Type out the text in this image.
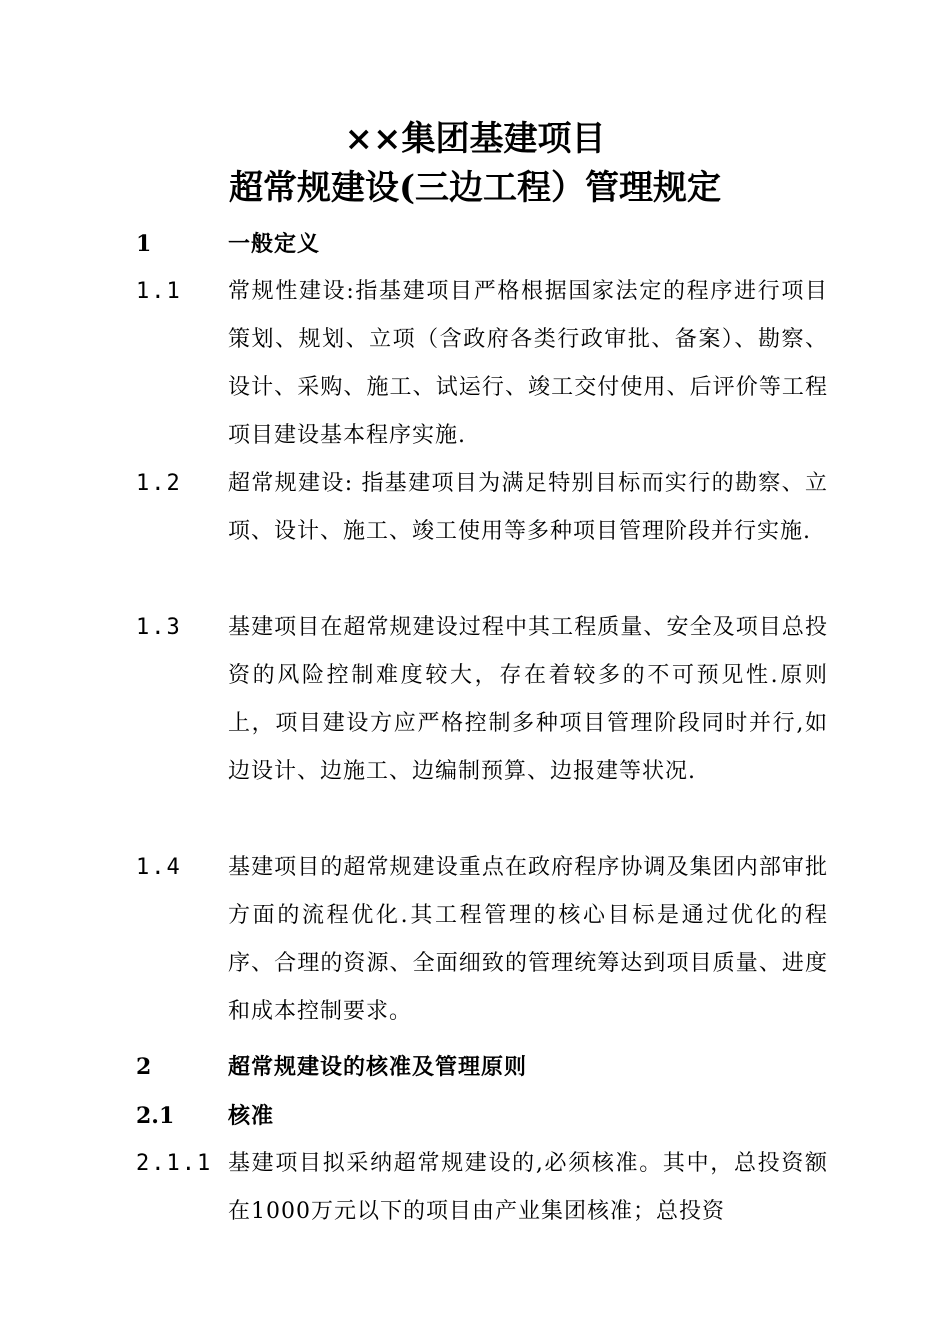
××集团基建项目
超常规建设(三边工程）管理规定
1	一般定义
1.1 常规性建设:指基建项目严格根据国家法定的程序进行项目策划、规划、立项（含政府各类行政审批、备案）、勘察、设计、采购、施工、试运行、竣工交付使用、后评价等工程项目建设基本程序实施.
1.2 超常规建设: 指基建项目为满足特别目标而实行的勘察、立项、设计、施工、竣工使用等多种项目管理阶段并行实施.
1.3 基建项目在超常规建设过程中其工程质量、安全及项目总投资的风险控制难度较大，存在着较多的不可预见性.原则上，项目建设方应严格控制多种项目管理阶段同时并行,如边设计、边施工、边编制预算、边报建等状况.
1.4 基建项目的超常规建设重点在政府程序协调及集团内部审批方面的流程优化.其工程管理的核心目标是通过优化的程序、合理的资源、全面细致的管理统筹达到项目质量、进度和成本控制要求。
2	超常规建设的核准及管理原则
2.1 核准
2.1.1 基建项目拟采纳超常规建设的,必须核准。其中，总投资额在1000万元以下的项目由产业集团核准；总投资
